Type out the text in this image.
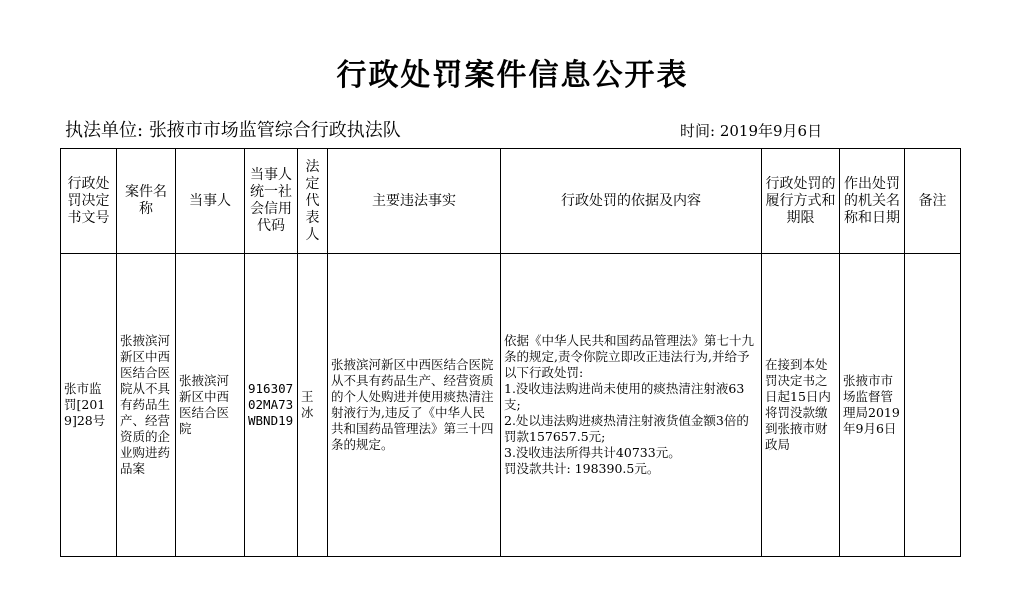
行政处罚案件信息公开表
执法单位: 张掖市市场监管综合行政执法队	时间: 2019年9月6日
行政处罚决定书文号	案件名称	当事人	当事人统一社会信用代码	法定代表人	主要违法事实	行政处罚的依据及内容	行政处罚的履行方式和期限	作出处罚的机关名称和日期	备注
张市监罚[2019]28号	张掖滨河新区中西医结合医院从不具有药品生产、经营资质的企业购进药品案	张掖滨河新区中西医结合医院	91630702MA73WBND19	王冰	张掖滨河新区中西医结合医院从不具有药品生产、经营资质的个人处购进并使用痰热清注射液行为,违反了《中华人民共和国药品管理法》第三十四条的规定。	依据《中华人民共和国药品管理法》第七十九条的规定,责令你院立即改正违法行为,并给予以下行政处罚:
1.没收违法购进尚未使用的痰热清注射液63支;
2.处以违法购进痰热清注射液货值金额3倍的罚款157657.5元;
3.没收违法所得共计40733元。
罚没款共计: 198390.5元。	在接到本处罚决定书之日起15日内将罚没款缴到张掖市财政局	张掖市市场监督管理局2019年9月6日	
